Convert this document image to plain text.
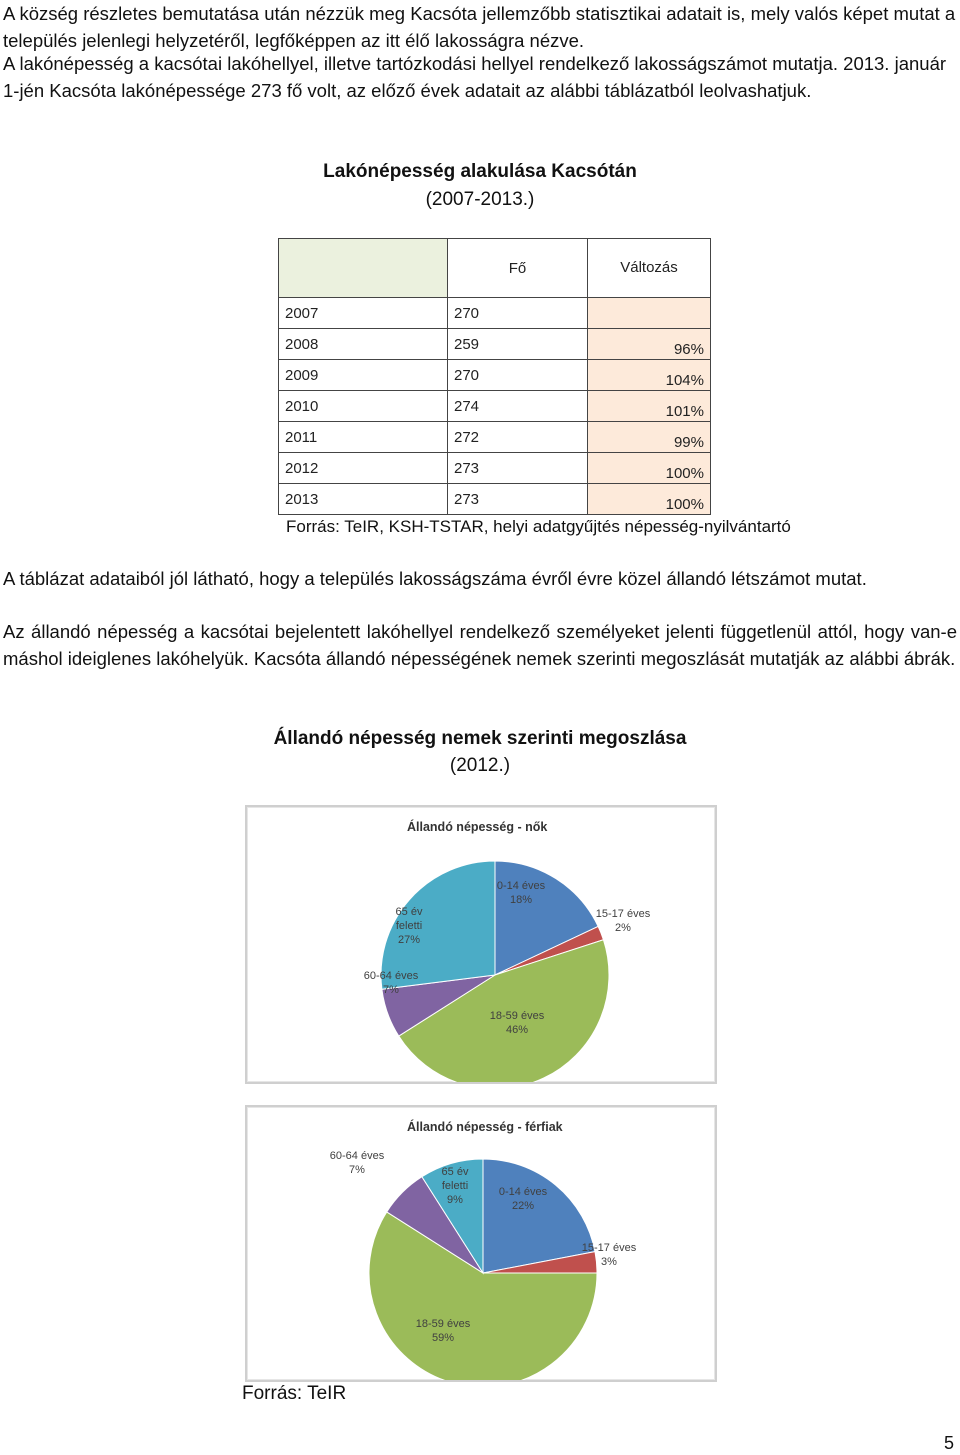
A község részletes bemutatása után nézzük meg Kacsóta jellemzőbb statisztikai adatait is, mely valós képet mutat a település jelenlegi helyzetéről, legfőképpen az itt élő lakosságra nézve.

A lakónépesség a kacsótai lakóhellyel, illetve tartózkodási hellyel rendelkező lakosságszámot mutatja. 2013. január 1-jén Kacsóta lakónépessége 273 fő volt, az előző évek adatait az alábbi táblázatból leolvashatjuk.

Lakónépesség alakulása Kacsótán
(2007-2013.)
	Fő	Változás
2007	270	
2008	259	96%
2009	270	104%
2010	274	101%
2011	272	99%
2012	273	100%
2013	273	100%
Forrás: TeIR, KSH-TSTAR, helyi adatgyűjtés népesség-nyilvántartó

A táblázat adataiból jól látható, hogy a település lakosságszáma évről évre közel állandó létszámot mutat.

Az állandó népesség a kacsótai bejelentett lakóhellyel rendelkező személyeket jelenti függetlenül attól, hogy van-e máshol ideiglenes lakóhelyük. Kacsóta állandó népességének nemek szerinti megoszlását mutatják az alábbi ábrák.

Állandó népesség nemek szerinti megoszlása
(2012.)
Állandó népesség - nők
0-14 éves 18%
15-17 éves 2%
18-59 éves 46%
60-64 éves 7%
65 év feletti 27%
Állandó népesség - férfiak
0-14 éves 22%
15-17 éves 3%
18-59 éves 59%
60-64 éves 7%	65 év feletti 9%
Forrás: TeIR
5
